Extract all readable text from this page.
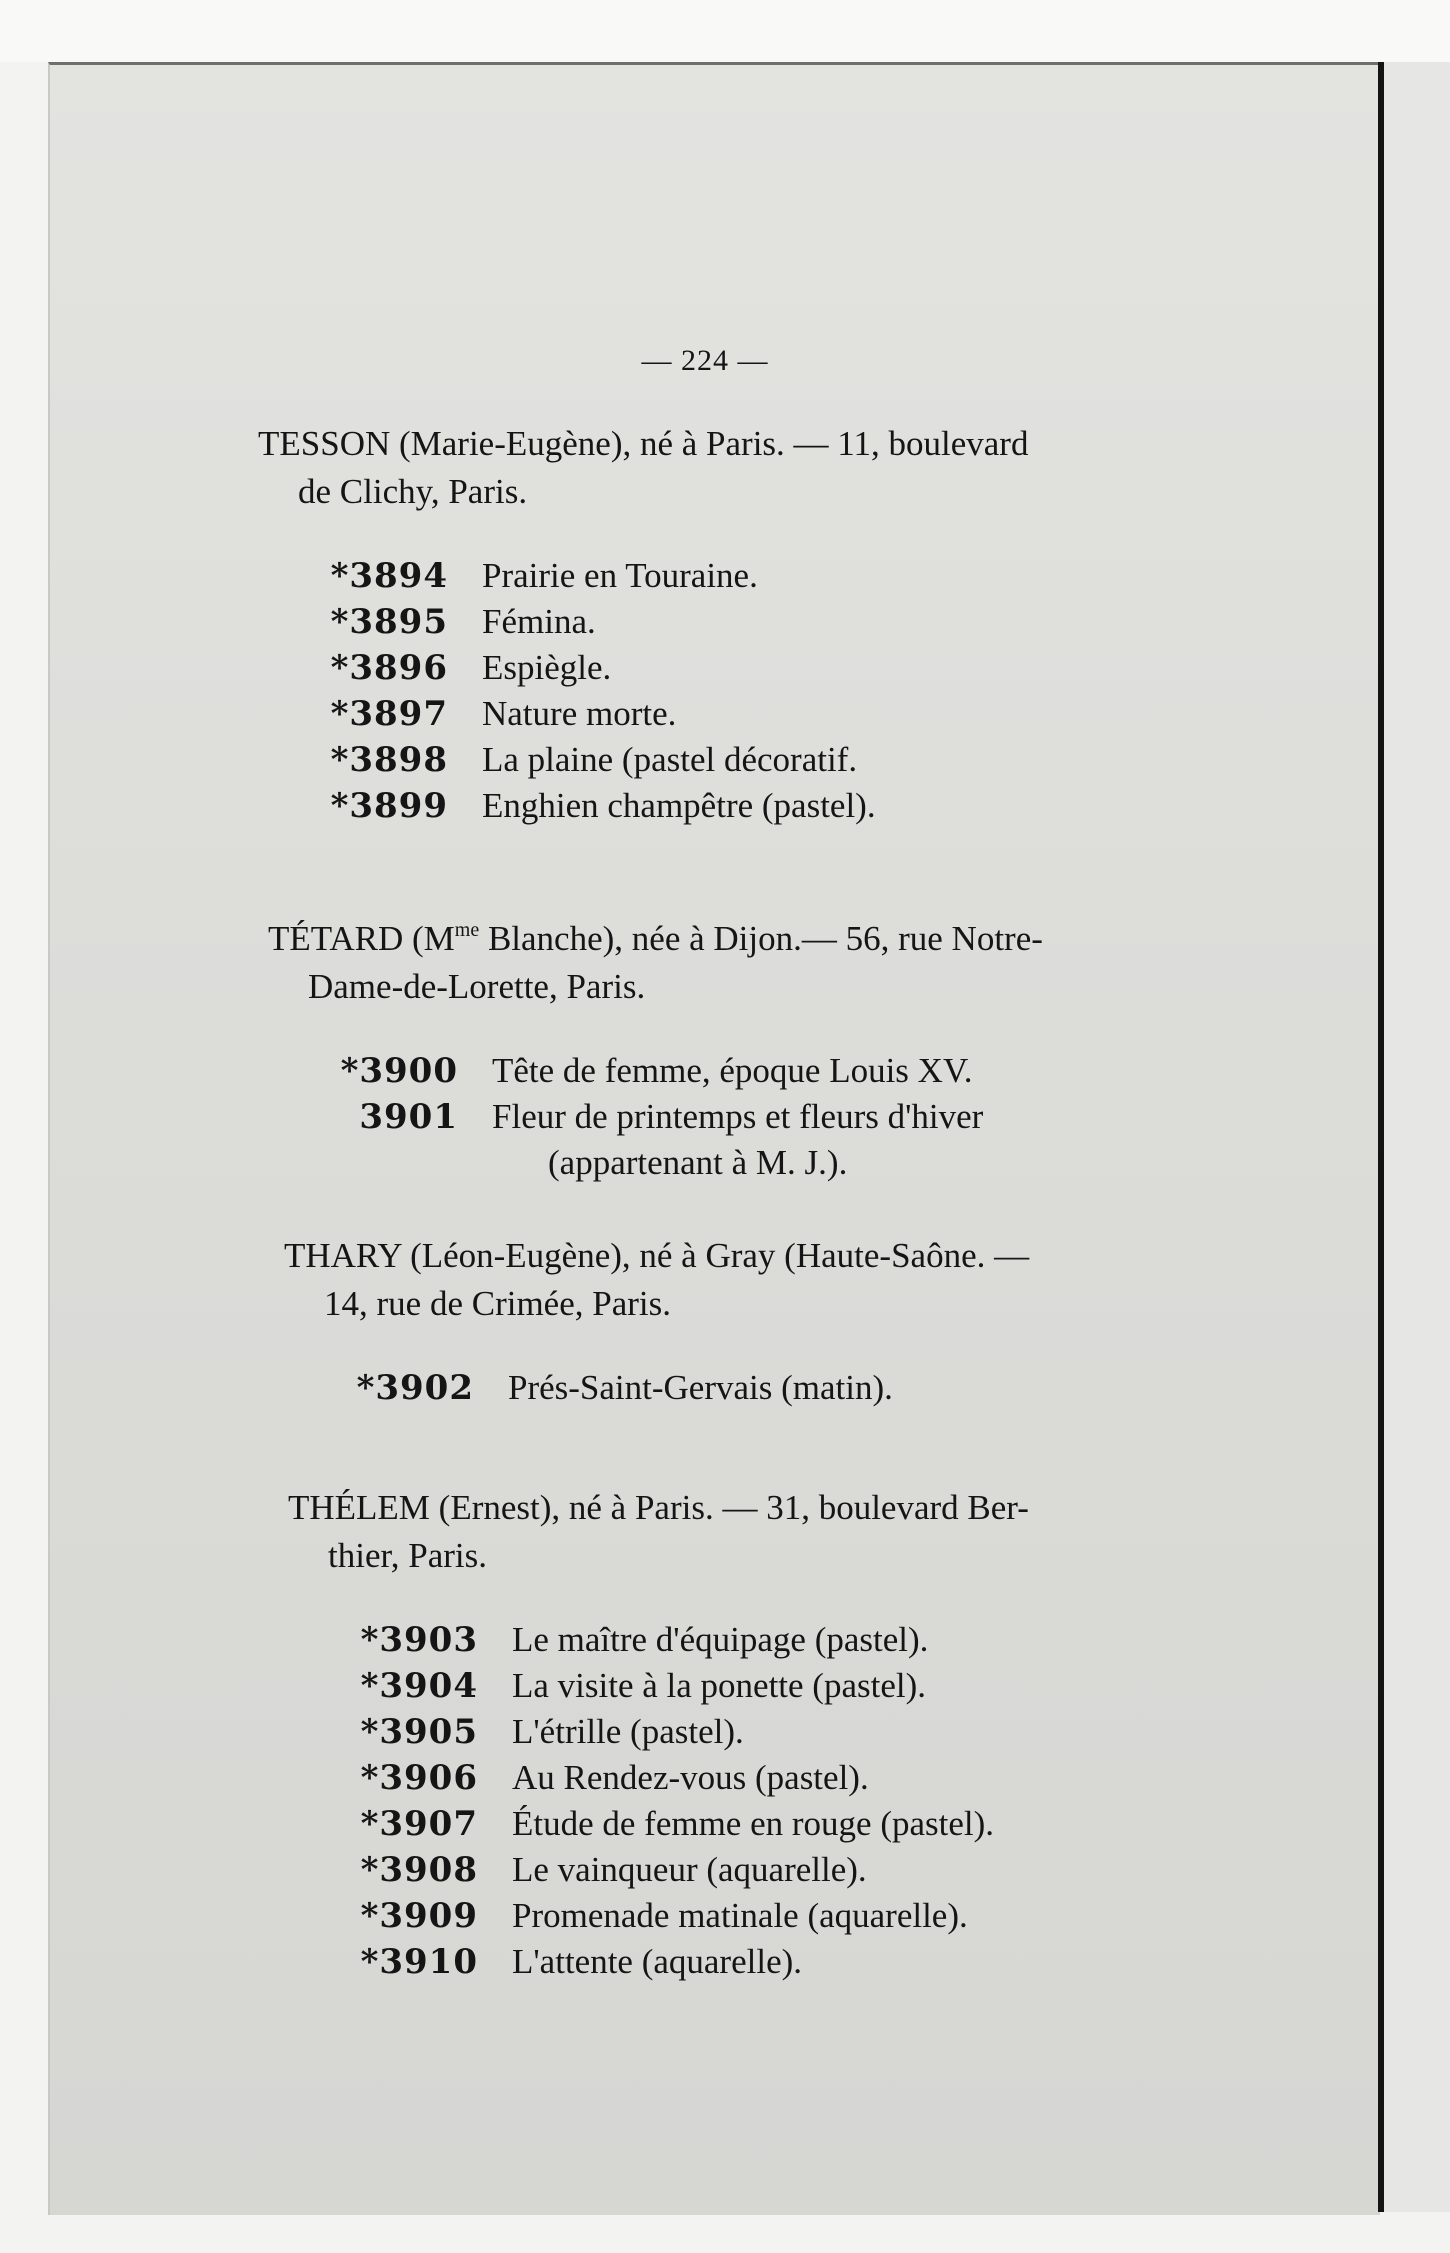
— 224 —

TESSON (Marie-Eugène), né à Paris. — 11, boulevard

de Clichy, Paris.

*3894 Prairie en Touraine.
*3895 Fémina.
*3896 Espiègle.
*3897 Nature morte.
*3898 La plaine (pastel décoratif.
*3899 Enghien champêtre (pastel).

TÉTARD ($M^{me}$ Blanche), née à Dijon.— 56, rue Notre-

Dame-de-Lorette, Paris.

*3900 Tête de femme, époque Louis XV.
3901 Fleur de printemps et fleurs d'hiver
(appartenant à M. J.).

THARY (Léon-Eugène), né à Gray (Haute-Saône. —

14, rue de Crimée, Paris.

*3902 Prés-Saint-Gervais (matin).

THÉLEM (Ernest), né à Paris. — 31, boulevard Ber-

thier, Paris.

*3903 Le maître d'équipage (pastel).
*3904 La visite à la ponette (pastel).
*3905 L'étrille (pastel).
*3906 Au Rendez-vous (pastel).
*3907 Étude de femme en rouge (pastel).
*3908 Le vainqueur (aquarelle).
*3909 Promenade matinale (aquarelle).
*3910 L'attente (aquarelle).
